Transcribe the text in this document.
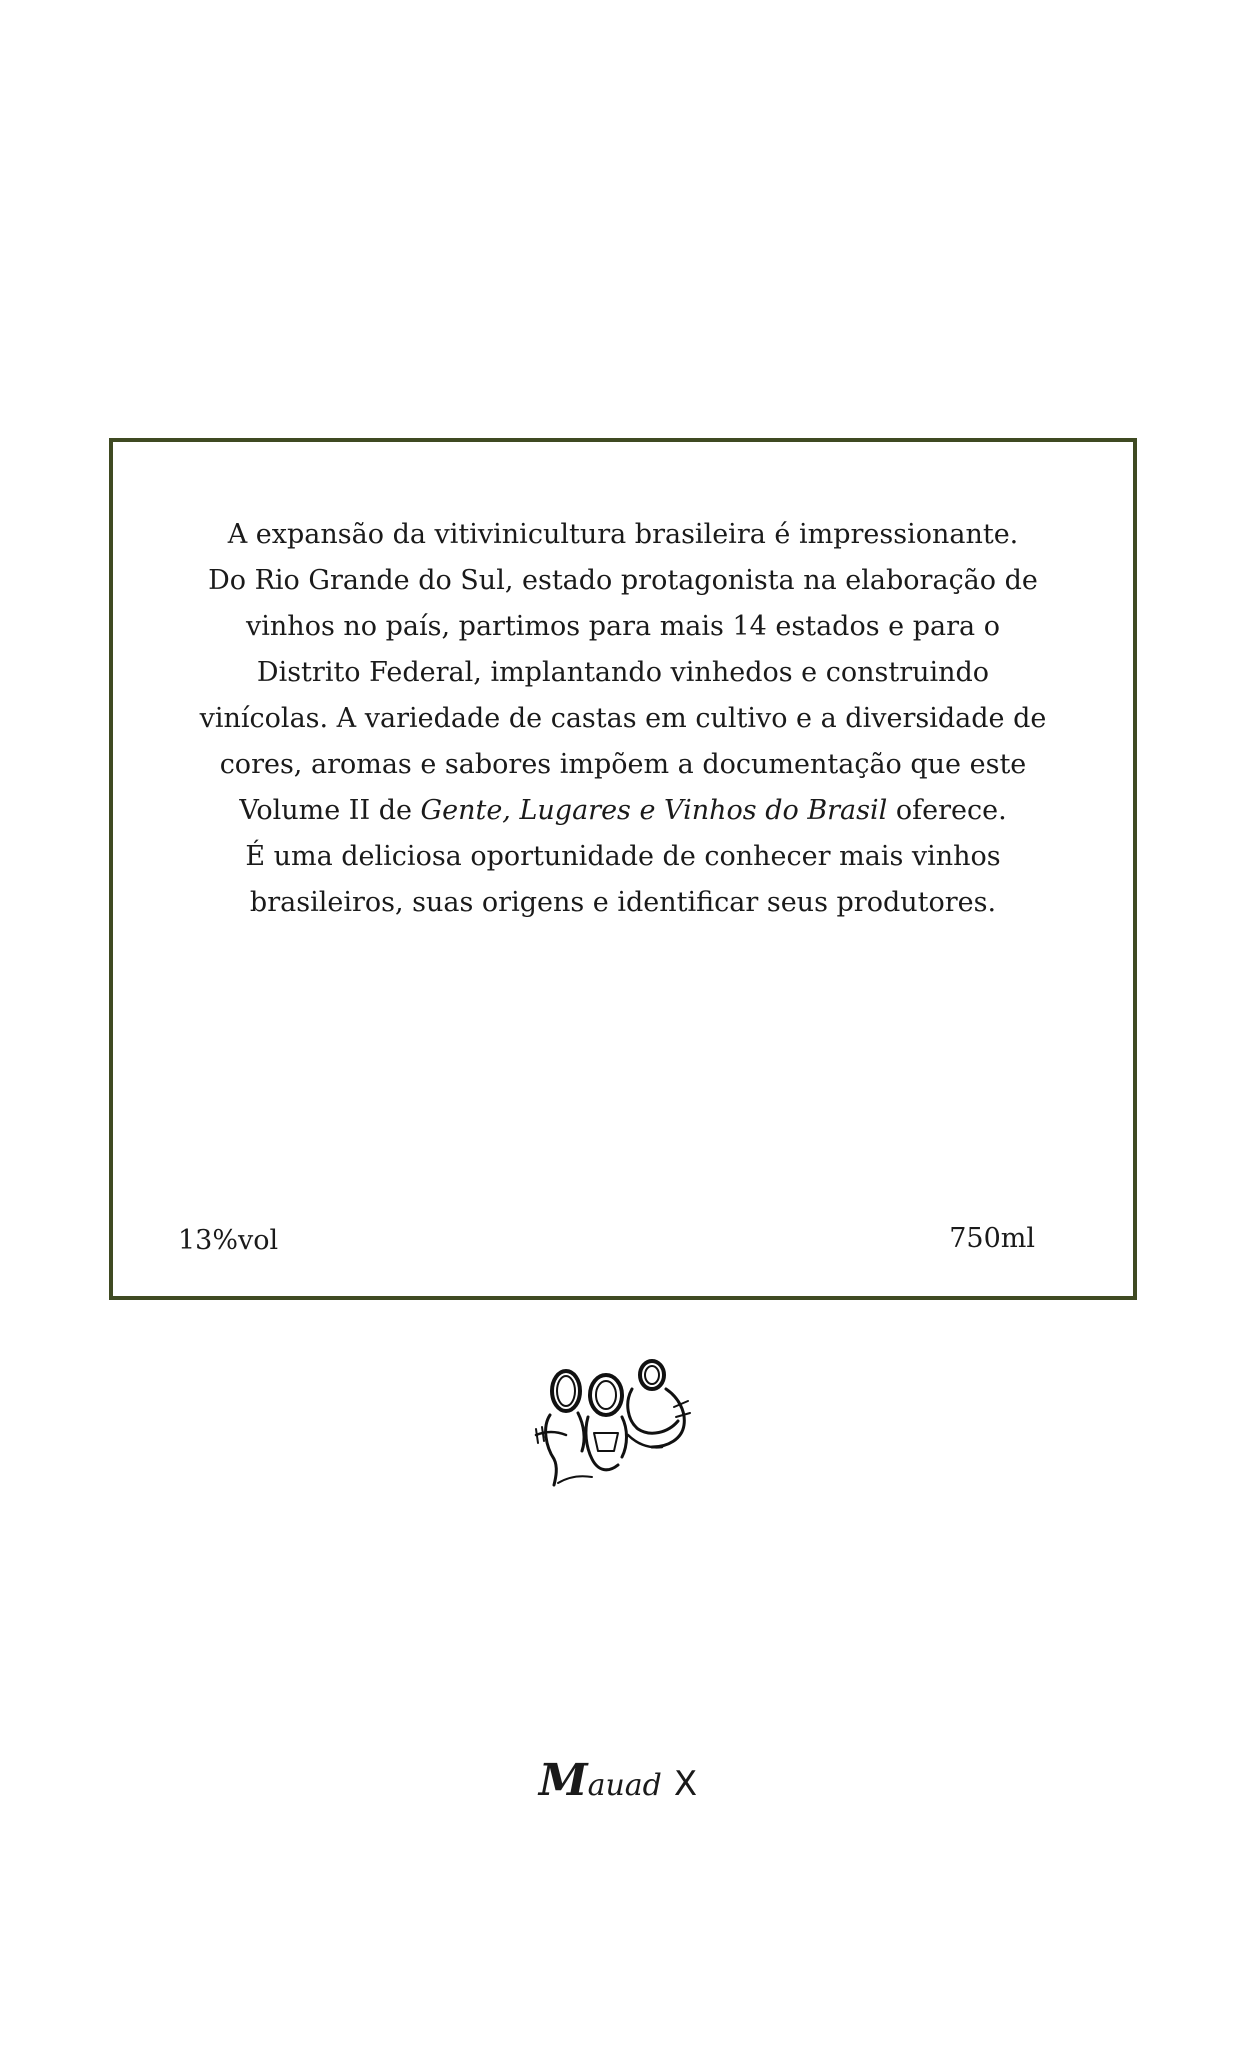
A expansão da vitivinicultura brasileira é impressionante.

Do Rio Grande do Sul, estado protagonista na elaboração de

vinhos no país, partimos para mais 14 estados e para o

Distrito Federal, implantando vinhedos e construindo

vinícolas. A variedade de castas em cultivo e a diversidade de

cores, aromas e sabores impõem a documentação que este

Volume II de Gente, Lugares e Vinhos do Brasil oferece.

É uma deliciosa oportunidade de conhecer mais vinhos

brasileiros, suas origens e identificar seus produtores.

13%vol	750ml
Mauad X
